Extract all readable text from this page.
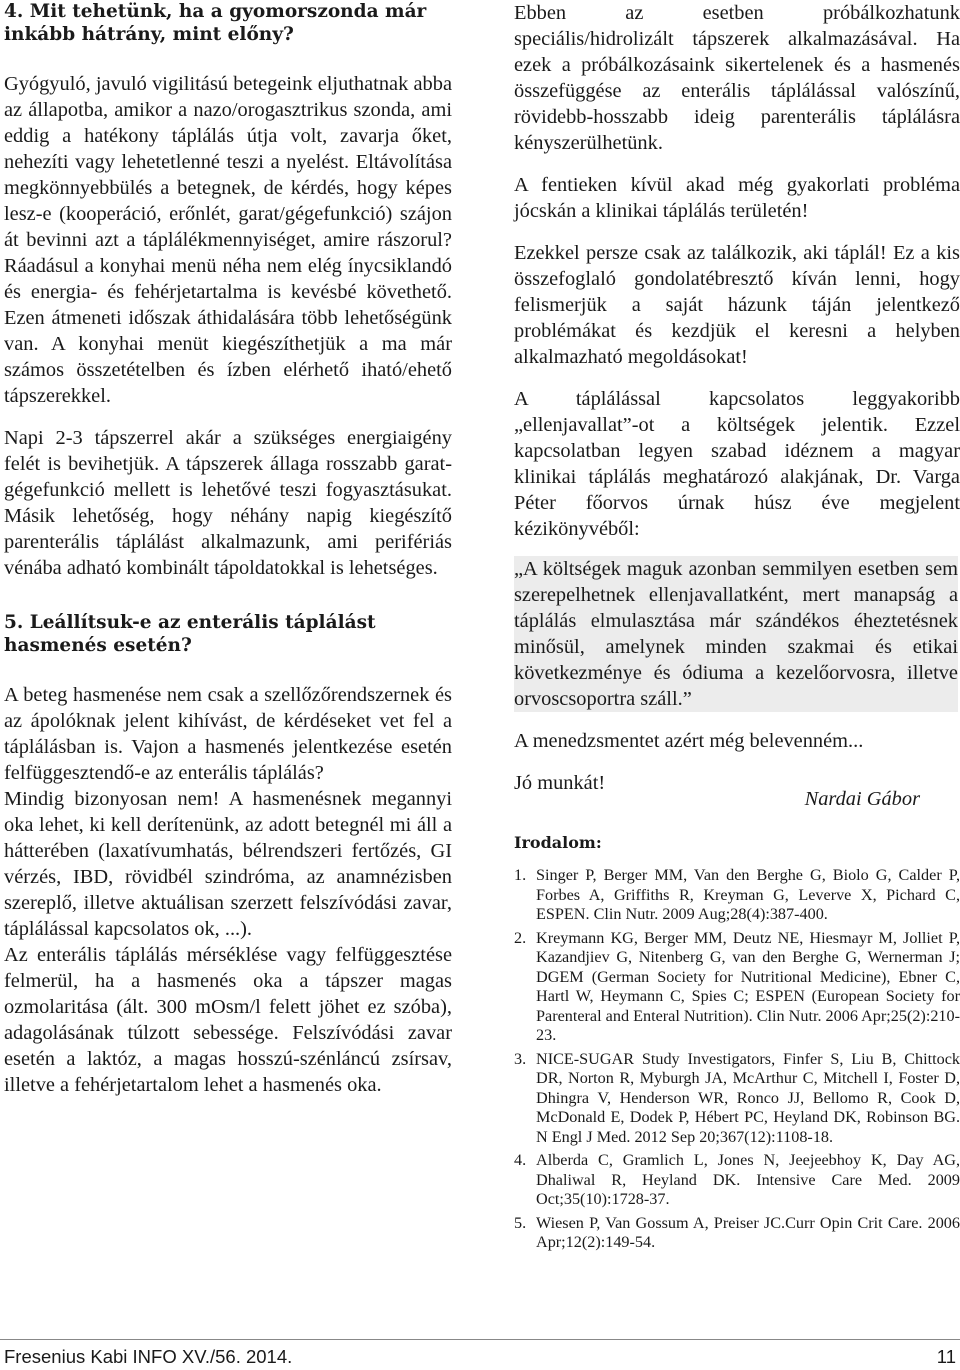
4. Mit tehetünk, ha a gyomorszonda már inkább hátrány, mint előny?

Gyógyuló, javuló vigilitású betegeink eljuthatnak abba az állapotba, amikor a nazo/orogasztrikus szonda, ami eddig a hatékony táplálás útja volt, zavarja őket, nehezíti vagy lehetetlenné teszi a nyelést. Eltávolítása megkönnyebbülés a betegnek, de kérdés, hogy képes lesz-e (kooperáció, erőnlét, garat/gégefunkció) szájon át bevinni azt a táplálékmennyiséget, amire rászorul? Ráadásul a konyhai menü néha nem elég ínycsiklandó és energia- és fehérjetartalma is kevésbé követhető. Ezen átmeneti időszak áthidalására több lehetőségünk van. A konyhai menüt kiegészíthetjük a ma már számos összetételben és ízben elérhető iható/ehető tápszerekkel.

Napi 2-3 tápszerrel akár a szükséges energiaigény felét is bevihetjük. A tápszerek állaga rosszabb garat-gégefunkció mellett is lehetővé teszi fogyasztásukat. Másik lehetőség, hogy néhány napig kiegészítő parenterális táplálást alkalmazunk, ami perifériás vénába adható kombinált tápoldatokkal is lehetséges.

5. Leállítsuk-e az enterális táplálást hasmenés esetén?

A beteg hasmenése nem csak a szellőzőrendszernek és az ápolóknak jelent kihívást, de kérdéseket vet fel a táplálásban is. Vajon a hasmenés jelentkezése esetén felfüggesztendő-e az enterális táplálás?

Mindig bizonyosan nem! A hasmenésnek megannyi oka lehet, ki kell derítenünk, az adott betegnél mi áll a hátterében (laxatívumhatás, bélrendszeri fertőzés, GI vérzés, IBD, rövidbél szindróma, az anamnézisben szereplő, illetve aktuálisan szerzett felszívódási zavar, táplálással kapcsolatos ok, ...).

Az enterális táplálás mérséklése vagy felfüggesztése felmerül, ha a hasmenés oka a tápszer magas ozmolaritása (ált. 300 mOsm/l felett jöhet ez szóba), adagolásának túlzott sebessége. Felszívódási zavar esetén a laktóz, a magas hosszú-szénláncú zsírsav, illetve a fehérjetartalom lehet a hasmenés oka.

Ebben az esetben próbálkozhatunk speciális/hidrolizált tápszerek alkalmazásával. Ha ezek a próbálkozásaink sikertelenek és a hasmenés összefüggése az enterális táplálással valószínű, rövidebb-hosszabb ideig parenterális táplálásra kényszerülhetünk.

A fentieken kívül akad még gyakorlati probléma jócskán a klinikai táplálás területén!

Ezekkel persze csak az találkozik, aki táplál! Ez a kis összefoglaló gondolatébresztő kíván lenni, hogy felismerjük a saját házunk táján jelentkező problémákat és kezdjük el keresni a helyben alkalmazható megoldásokat!

A táplálással kapcsolatos leggyakoribb „ellenjavallat”-ot a költségek jelentik. Ezzel kapcsolatban legyen szabad idéznem a magyar klinikai táplálás meghatározó alakjának, Dr. Varga Péter főorvos úrnak húsz éve megjelent kézikönyvéből:

„A költségek maguk azonban semmilyen esetben sem szerepelhetnek ellenjavallatként, mert manapság a táplálás elmulasztása már szándékos éheztetésnek minősül, amelynek minden szakmai és etikai következménye és ódiuma a kezelőorvosra, illetve orvoscsoportra száll.”

A menedzsmentet azért még belevenném...

Jó munkát!

Nardai Gábor

Irodalom:
1. Singer P, Berger MM, Van den Berghe G, Biolo G, Calder P, Forbes A, Griffiths R, Kreyman G, Leverve X, Pichard C, ESPEN. Clin Nutr. 2009 Aug;28(4):387-400.
2. Kreymann KG, Berger MM, Deutz NE, Hiesmayr M, Jolliet P, Kazandjiev G, Nitenberg G, van den Berghe G, Wernerman J; DGEM (German Society for Nutritional Medicine), Ebner C, Hartl W, Heymann C, Spies C; ESPEN (European Society for Parenteral and Enteral Nutrition). Clin Nutr. 2006 Apr;25(2):210-23.
3. NICE-SUGAR Study Investigators, Finfer S, Liu B, Chittock DR, Norton R, Myburgh JA, McArthur C, Mitchell I, Foster D, Dhingra V, Henderson WR, Ronco JJ, Bellomo R, Cook D, McDonald E, Dodek P, Hébert PC, Heyland DK, Robinson BG. N Engl J Med. 2012 Sep 20;367(12):1108-18.
4. Alberda C, Gramlich L, Jones N, Jeejeebhoy K, Day AG, Dhaliwal R, Heyland DK. Intensive Care Med. 2009 Oct;35(10):1728-37.
5. Wiesen P, Van Gossum A, Preiser JC.Curr Opin Crit Care. 2006 Apr;12(2):149-54.
Fresenius Kabi INFO XV./56. 2014.	11
